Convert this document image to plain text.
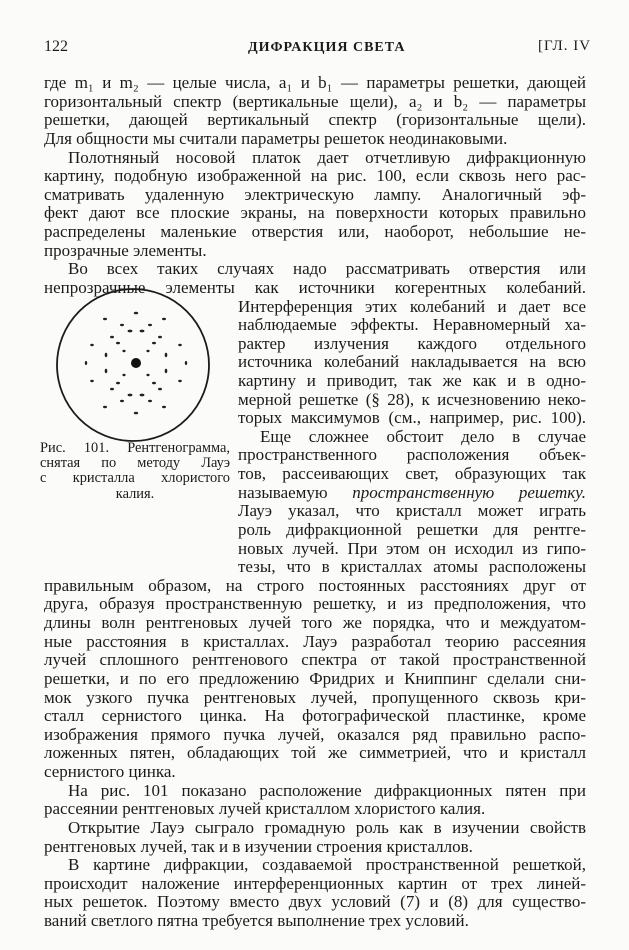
122	ДИФРАКЦИЯ СВЕТА	[ГЛ. IV
где m₁ и m₂ — целые числа, a₁ и b₁ — параметры решетки, дающей
горизонтальный спектр (вертикальные щели), a₂ и b₂ — параметры
решетки, дающей вертикальный спектр (горизонтальные щели).
Для общности мы считали параметры решеток неодинаковыми.
Полотняный носовой платок дает отчетливую дифракционную
картину, подобную изображенной на рис. 100, если сквозь него рас-
сматривать удаленную электрическую лампу. Аналогичный эф-
фект дают все плоские экраны, на поверхности которых правильно
распределены маленькие отверстия или, наоборот, небольшие не-
прозрачные элементы.
Во всех таких случаях надо рассматривать отверстия или
непрозрачные элементы как источники когерентных колебаний.
Интерференция этих колебаний и дает все
наблюдаемые эффекты. Неравномерный ха-
рактер излучения каждого отдельного
источника колебаний накладывается на всю
картину и приводит, так же как и в одно-
мерной решетке (§ 28), к исчезновению неко-
торых максимумов (см., например, рис. 100).
Еще сложнее обстоит дело в случае
пространственного расположения объек-
тов, рассеивающих свет, образующих так
называемую пространственную решетку.
Лауэ указал, что кристалл может играть
роль дифракционной решетки для рентге-
новых лучей. При этом он исходил из гипо-
тезы, что в кристаллах атомы расположены
Рис. 101. Рентгенограмма,
снятая по методу Лауэ
с кристалла хлористого
калия.
правильным образом, на строго постоянных расстояниях друг от
друга, образуя пространственную решетку, и из предположения, что
длины волн рентгеновых лучей того же порядка, что и междуатом-
ные расстояния в кристаллах. Лауэ разработал теорию рассеяния
лучей сплошного рентгенового спектра от такой пространственной
решетки, и по его предложению Фридрих и Книппинг сделали сни-
мок узкого пучка рентгеновых лучей, пропущенного сквозь кри-
сталл сернистого цинка. На фотографической пластинке, кроме
изображения прямого пучка лучей, оказался ряд правильно распо-
ложенных пятен, обладающих той же симметрией, что и кристалл
сернистого цинка.
На рис. 101 показано расположение дифракционных пятен при
рассеянии рентгеновых лучей кристаллом хлористого калия.
Открытие Лауэ сыграло громадную роль как в изучении свойств
рентгеновых лучей, так и в изучении строения кристаллов.
В картине дифракции, создаваемой пространственной решеткой,
происходит наложение интерференционных картин от трех линей-
ных решеток. Поэтому вместо двух условий (7) и (8) для существо-
ваний светлого пятна требуется выполнение трех условий.
